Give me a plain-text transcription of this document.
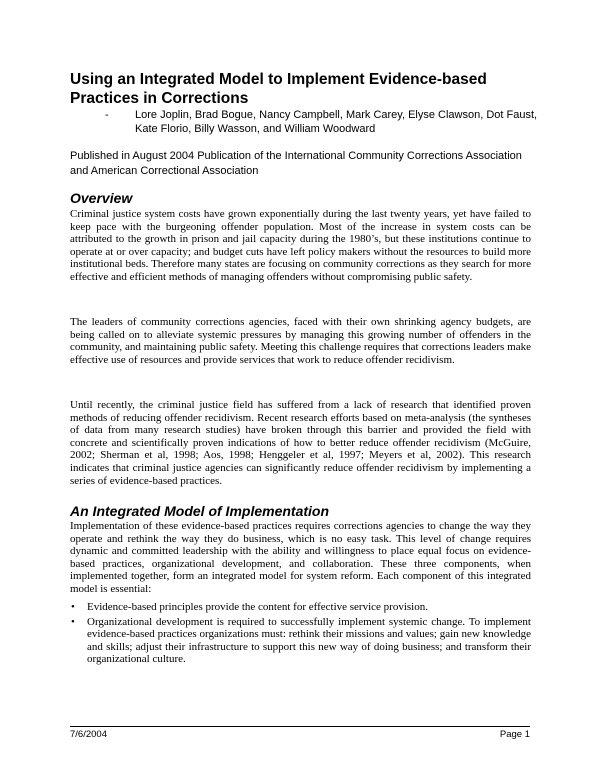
Using an Integrated Model to Implement Evidence-based Practices in Corrections
-	Lore Joplin, Brad Bogue, Nancy Campbell, Mark Carey, Elyse Clawson, Dot Faust, Kate Florio, Billy Wasson, and William Woodward

Published in August 2004 Publication of the International Community Corrections Association and American Correctional Association

Overview

Criminal justice system costs have grown exponentially during the last twenty years, yet have failed to keep pace with the burgeoning offender population. Most of the increase in system costs can be attributed to the growth in prison and jail capacity during the 1980’s, but these institutions continue to operate at or over capacity; and budget cuts have left policy makers without the resources to build more institutional beds. Therefore many states are focusing on community corrections as they search for more effective and efficient methods of managing offenders without compromising public safety.

The leaders of community corrections agencies, faced with their own shrinking agency budgets, are being called on to alleviate systemic pressures by managing this growing number of offenders in the community, and maintaining public safety. Meeting this challenge requires that corrections leaders make effective use of resources and provide services that work to reduce offender recidivism.

Until recently, the criminal justice field has suffered from a lack of research that identified proven methods of reducing offender recidivism. Recent research efforts based on meta-analysis (the syntheses of data from many research studies) have broken through this barrier and provided the field with concrete and scientifically proven indications of how to better reduce offender recidivism (McGuire, 2002; Sherman et al, 1998; Aos, 1998; Henggeler et al, 1997; Meyers et al, 2002). This research indicates that criminal justice agencies can significantly reduce offender recidivism by implementing a series of evidence-based practices.

An Integrated Model of Implementation

Implementation of these evidence-based practices requires corrections agencies to change the way they operate and rethink the way they do business, which is no easy task. This level of change requires dynamic and committed leadership with the ability and willingness to place equal focus on evidence-based practices, organizational development, and collaboration. These three components, when implemented together, form an integrated model for system reform. Each component of this integrated model is essential:

• Evidence-based principles provide the content for effective service provision.
• Organizational development is required to successfully implement systemic change. To implement evidence-based practices organizations must: rethink their missions and values; gain new knowledge and skills; adjust their infrastructure to support this new way of doing business; and transform their organizational culture.
7/6/2004	Page 1
